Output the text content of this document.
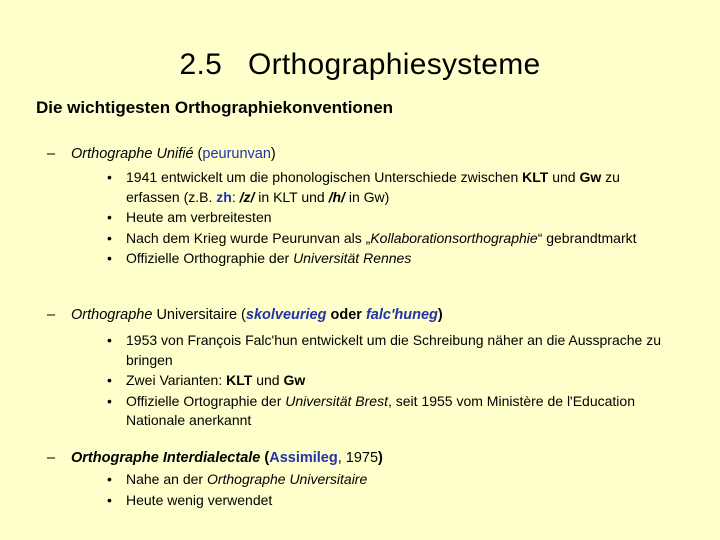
2.5   Orthographiesysteme
Die wichtigesten Orthographiekonventionen
– Orthographe Unifié (peurunvan)
• 1941 entwickelt um die phonologischen Unterschiede zwischen KLT und Gw zu erfassen (z.B. zh: /z/ in KLT und /h/ in Gw)
• Heute am verbreitesten
• Nach dem Krieg wurde Peurunvan als „Kollaborationsorthographie“ gebrandtmarkt
• Offizielle Orthographie der Universität Rennes
– Orthographe Universitaire (skolveurieg oder falc'huneg)
• 1953 von François Falc'hun entwickelt um die Schreibung näher an die Aussprache zu bringen
• Zwei Varianten: KLT und Gw
• Offizielle Ortographie der Universität Brest, seit 1955 vom Ministère de l'Education Nationale anerkannt
– Orthographe Interdialectale (Assimileg, 1975)
• Nahe an der Orthographe Universitaire
• Heute wenig verwendet
